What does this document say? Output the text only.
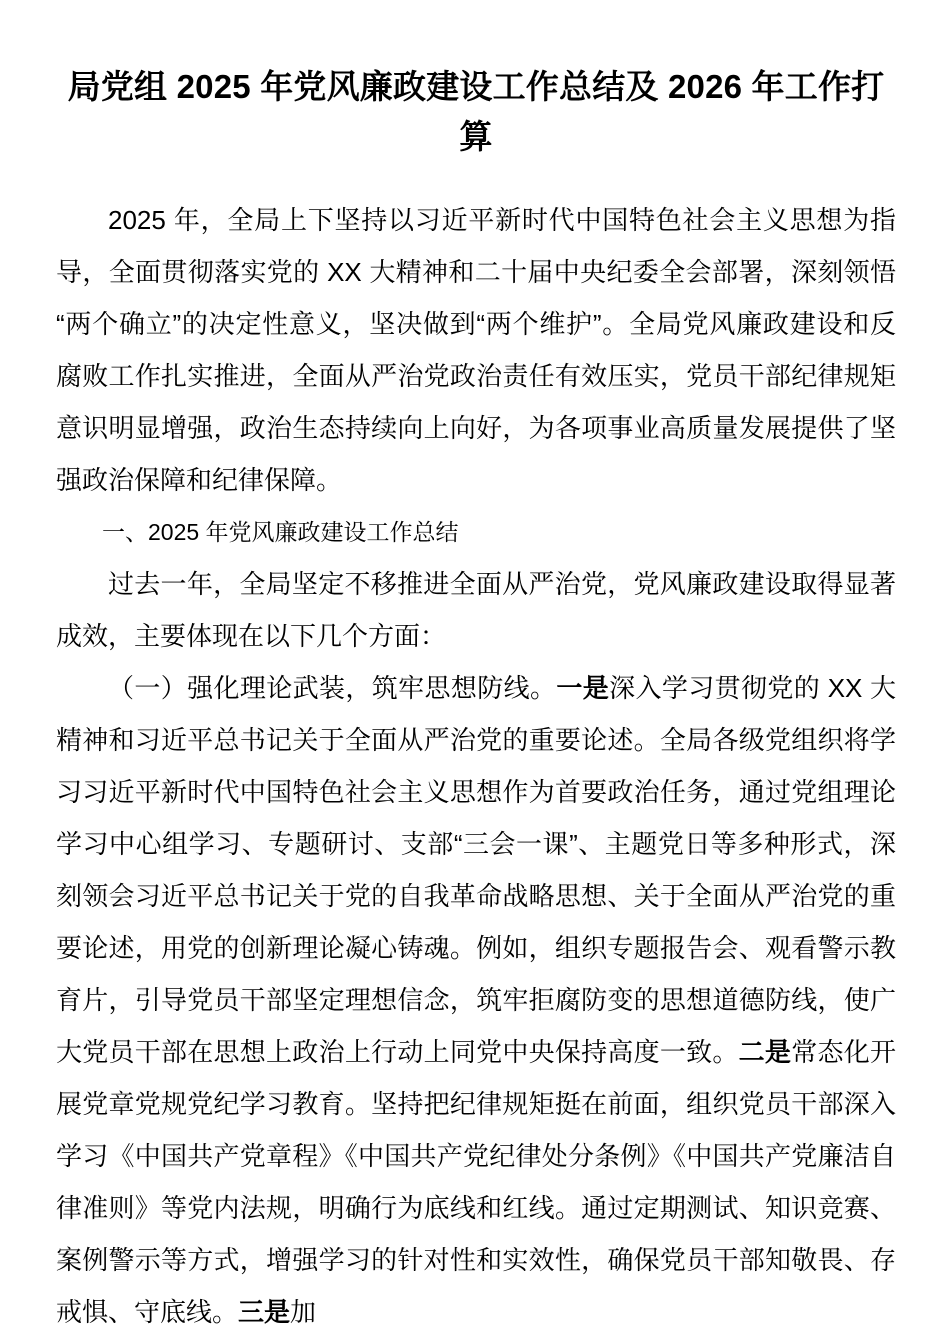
局党组 2025 年党风廉政建设工作总结及 2026 年工作打算

2025 年，全局上下坚持以习近平新时代中国特色社会主义思想为指导，全面贯彻落实党的 XX 大精神和二十届中央纪委全会部署，深刻领悟“两个确立”的决定性意义，坚决做到“两个维护”。全局党风廉政建设和反腐败工作扎实推进，全面从严治党政治责任有效压实，党员干部纪律规矩意识明显增强，政治生态持续向上向好，为各项事业高质量发展提供了坚强政治保障和纪律保障。

一、2025 年党风廉政建设工作总结

过去一年，全局坚定不移推进全面从严治党，党风廉政建设取得显著成效，主要体现在以下几个方面：

（一）强化理论武装，筑牢思想防线。一是深入学习贯彻党的 XX 大精神和习近平总书记关于全面从严治党的重要论述。全局各级党组织将学习习近平新时代中国特色社会主义思想作为首要政治任务，通过党组理论学习中心组学习、专题研讨、支部“三会一课”、主题党日等多种形式，深刻领会习近平总书记关于党的自我革命战略思想、关于全面从严治党的重要论述，用党的创新理论凝心铸魂。例如，组织专题报告会、观看警示教育片，引导党员干部坚定理想信念，筑牢拒腐防变的思想道德防线，使广大党员干部在思想上政治上行动上同党中央保持高度一致。二是常态化开展党章党规党纪学习教育。坚持把纪律规矩挺在前面，组织党员干部深入学习《中国共产党章程》《中国共产党纪律处分条例》《中国共产党廉洁自律准则》等党内法规，明确行为底线和红线。通过定期测试、知识竞赛、案例警示等方式，增强学习的针对性和实效性，确保党员干部知敬畏、存戒惧、守底线。三是加
